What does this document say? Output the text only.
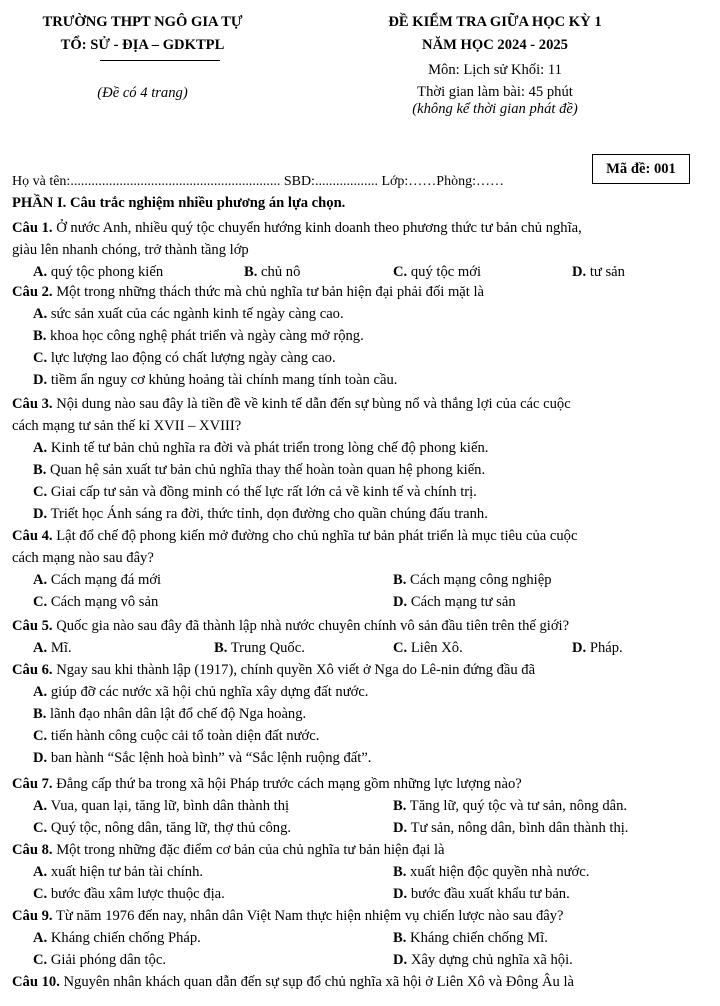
TRƯỜNG THPT NGÔ GIA TỰ
TỔ: SỬ - ĐỊA – GDKTPL
(Đề có 4 trang)
ĐỀ KIỂM TRA GIỮA HỌC KỲ 1
NĂM HỌC 2024 - 2025
Môn: Lịch sử Khối: 11
Thời gian làm bài: 45 phút
(không kể thời gian phát đề)
Mã đề: 001
Họ và tên:............................................................ SBD:.................. Lớp:……Phòng:……
PHẦN I. Câu trắc nghiệm nhiều phương án lựa chọn.
Câu 1. Ở nước Anh, nhiều quý tộc chuyển hướng kinh doanh theo phương thức tư bản chủ nghĩa,
giàu lên nhanh chóng, trở thành tầng lớp
A. quý tộc phong kiến	B. chủ nô	C. quý tộc mới	D. tư sản
Câu 2. Một trong những thách thức mà chủ nghĩa tư bản hiện đại phải đối mặt là
A. sức sản xuất của các ngành kinh tế ngày càng cao.
B. khoa học công nghệ phát triển và ngày càng mở rộng.
C. lực lượng lao động có chất lượng ngày càng cao.
D. tiềm ẩn nguy cơ khủng hoảng tài chính mang tính toàn cầu.
Câu 3. Nội dung nào sau đây là tiền đề về kinh tế dẫn đến sự bùng nổ và thắng lợi của các cuộc
cách mạng tư sản thế kỉ XVII – XVIII?
A. Kinh tế tư bản chủ nghĩa ra đời và phát triển trong lòng chế độ phong kiến.
B. Quan hệ sản xuất tư bản chủ nghĩa thay thế hoàn toàn quan hệ phong kiến.
C. Giai cấp tư sản và đồng minh có thế lực rất lớn cả về kinh tế và chính trị.
D. Triết học Ánh sáng ra đời, thức tỉnh, dọn đường cho quần chúng đấu tranh.
Câu 4. Lật đổ chế độ phong kiến mở đường cho chủ nghĩa tư bản phát triển là mục tiêu của cuộc
cách mạng nào sau đây?
A. Cách mạng đá mới	B. Cách mạng công nghiệp
C. Cách mạng vô sản	D. Cách mạng tư sản
Câu 5. Quốc gia nào sau đây đã thành lập nhà nước chuyên chính vô sản đầu tiên trên thế giới?
A. Mĩ.	B. Trung Quốc.	C. Liên Xô.	D. Pháp.
Câu 6. Ngay sau khi thành lập (1917), chính quyền Xô viết ở Nga do Lê-nin đứng đầu đã
A. giúp đỡ các nước xã hội chủ nghĩa xây dựng đất nước.
B. lãnh đạo nhân dân lật đổ chế độ Nga hoàng.
C. tiến hành công cuộc cải tổ toàn diện đất nước.
D. ban hành “Sắc lệnh hoà bình” và “Sắc lệnh ruộng đất”.
Câu 7. Đẳng cấp thứ ba trong xã hội Pháp trước cách mạng gồm những lực lượng nào?
A. Vua, quan lại, tăng lữ, bình dân thành thị	B. Tăng lữ, quý tộc và tư sản, nông dân.
C. Quý tộc, nông dân, tăng lữ, thợ thủ công.	D. Tư sản, nông dân, bình dân thành thị.
Câu 8. Một trong những đặc điểm cơ bản của chủ nghĩa tư bản hiện đại là
A. xuất hiện tư bản tài chính.	B. xuất hiện độc quyền nhà nước.
C. bước đầu xâm lược thuộc địa.	D. bước đầu xuất khẩu tư bản.
Câu 9. Từ năm 1976 đến nay, nhân dân Việt Nam thực hiện nhiệm vụ chiến lược nào sau đây?
A. Kháng chiến chống Pháp.	B. Kháng chiến chống Mĩ.
C. Giải phóng dân tộc.	D. Xây dựng chủ nghĩa xã hội.
Câu 10. Nguyên nhân khách quan dẫn đến sự sụp đổ chủ nghĩa xã hội ở Liên Xô và Đông Âu là
